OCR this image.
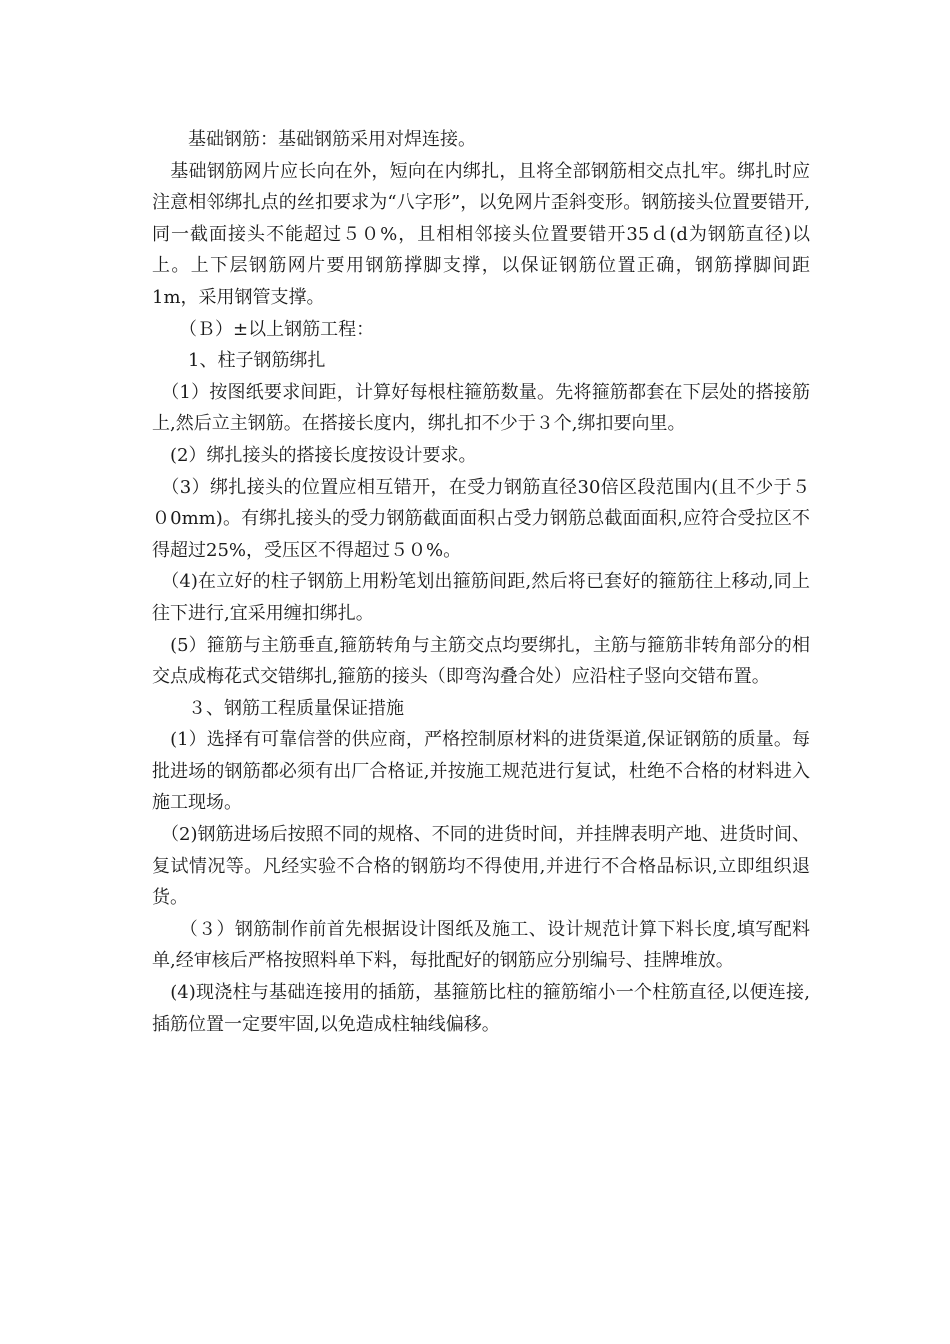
　　基础钢筋：基础钢筋采用对焊连接。

　基础钢筋网片应长向在外，短向在内绑扎，且将全部钢筋相交点扎牢。绑扎时应注意相邻绑扎点的丝扣要求为“八字形”，以免网片歪斜变形。钢筋接头位置要错开,同一截面接头不能超过５０%，且相相邻接头位置要错开35ｄ(d为钢筋直径)以上。上下层钢筋网片要用钢筋撑脚支撑，以保证钢筋位置正确，钢筋撑脚间距1m，采用钢管支撑。

　　（Ｂ）±以上钢筋工程：

　　1、柱子钢筋绑扎

　（1）按图纸要求间距，计算好每根柱箍筋数量。先将箍筋都套在下层处的搭接筋上,然后立主钢筋。在搭接长度内，绑扎扣不少于３个,绑扣要向里。

　(2）绑扎接头的搭接长度按设计要求。

　（3）绑扎接头的位置应相互错开，在受力钢筋直径30倍区段范围内(且不少于５０0mm)。有绑扎接头的受力钢筋截面面积占受力钢筋总截面面积,应符合受拉区不得超过25%，受压区不得超过５０%。

　（4)在立好的柱子钢筋上用粉笔划出箍筋间距,然后将已套好的箍筋往上移动,同上往下进行,宜采用缠扣绑扎。

　(5）箍筋与主筋垂直,箍筋转角与主筋交点均要绑扎，主筋与箍筋非转角部分的相交点成梅花式交错绑扎,箍筋的接头（即弯沟叠合处）应沿柱子竖向交错布置。

　　３、钢筋工程质量保证措施

　(1）选择有可靠信誉的供应商，严格控制原材料的进货渠道,保证钢筋的质量。每批进场的钢筋都必须有出厂合格证,并按施工规范进行复试，杜绝不合格的材料进入施工现场。

　（2)钢筋进场后按照不同的规格、不同的进货时间，并挂牌表明产地、进货时间、复试情况等。凡经实验不合格的钢筋均不得使用,并进行不合格品标识,立即组织退货。

　　（３）钢筋制作前首先根据设计图纸及施工、设计规范计算下料长度,填写配料单,经审核后严格按照料单下料，每批配好的钢筋应分别编号、挂牌堆放。

　(4)现浇柱与基础连接用的插筋，基箍筋比柱的箍筋缩小一个柱筋直径,以便连接,插筋位置一定要牢固,以免造成柱轴线偏移。
